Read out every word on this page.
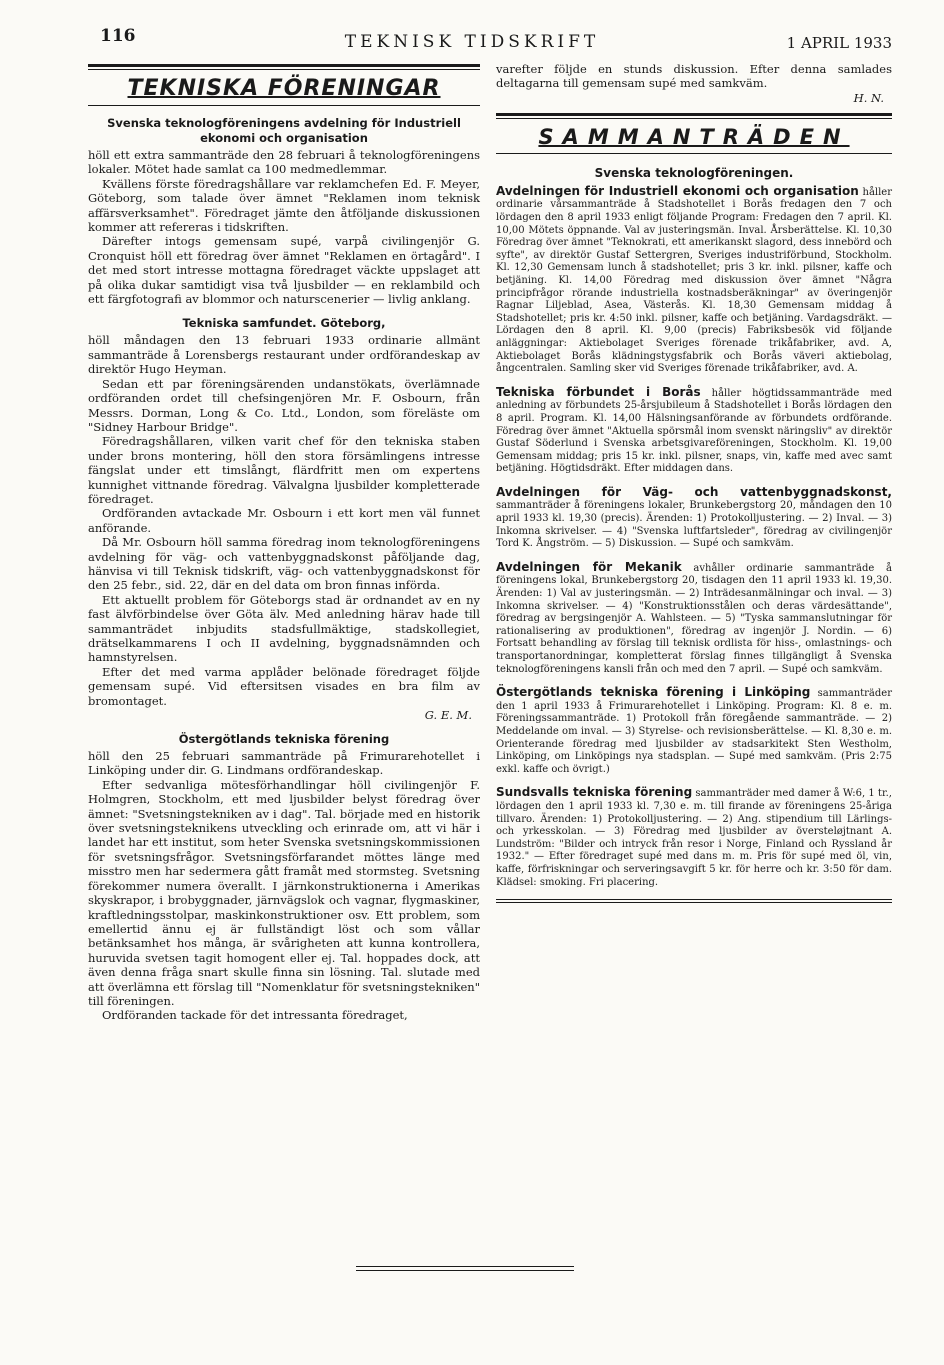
116	TEKNISK TIDSKRIFT	1 APRIL 1933
TEKNISKA FÖRENINGAR
Svenska teknologföreningens avdelning för Industriell ekonomi och organisation

höll ett extra sammanträde den 28 februari å teknologföreningens lokaler. Mötet hade samlat ca 100 medmedlemmar.

Kvällens förste föredragshållare var reklamchefen Ed. F. Meyer, Göteborg, som talade över ämnet "Reklamen inom teknisk affärsverksamhet". Föredraget jämte den åtföljande diskussionen kommer att refereras i tidskriften.

Därefter intogs gemensam supé, varpå civilingenjör G. Cronquist höll ett föredrag över ämnet "Reklamen en örtagård". I det med stort intresse mottagna föredraget väckte uppslaget att på olika dukar samtidigt visa två ljusbilder — en reklambild och ett färgfotografi av blommor och naturscenerier — livlig anklang.

Tekniska samfundet. Göteborg,

höll måndagen den 13 februari 1933 ordinarie allmänt sammanträde å Lorensbergs restaurant under ordförandeskap av direktör Hugo Heyman.

Sedan ett par föreningsärenden undanstökats, överlämnade ordföranden ordet till chefsingenjören Mr. F. Osbourn, från Messrs. Dorman, Long & Co. Ltd., London, som föreläste om "Sidney Harbour Bridge".

Föredragshållaren, vilken varit chef för den tekniska staben under brons montering, höll den stora försämlingens intresse fängslat under ett timslångt, flärdfritt men om expertens kunnighet vittnande föredrag. Välvalgna ljusbilder kompletterade föredraget.

Ordföranden avtackade Mr. Osbourn i ett kort men väl funnet anförande.

Då Mr. Osbourn höll samma föredrag inom teknologföreningens avdelning för väg- och vattenbyggnadskonst påföljande dag, hänvisa vi till Teknisk tidskrift, väg- och vattenbyggnadskonst för den 25 febr., sid. 22, där en del data om bron finnas införda.

Ett aktuellt problem för Göteborgs stad är ordnandet av en ny fast älvförbindelse över Göta älv. Med anledning härav hade till sammanträdet inbjudits stadsfullmäktige, stadskollegiet, drätselkammarens I och II avdelning, byggnadsnämnden och hamnstyrelsen.

Efter det med varma applåder belönade föredraget följde gemensam supé. Vid eftersitsen visades en bra film av bromontaget.

G. E. M.

Östergötlands tekniska förening

höll den 25 februari sammanträde på Frimurarehotellet i Linköping under dir. G. Lindmans ordförandeskap.

Efter sedvanliga mötesförhandlingar höll civilingenjör F. Holmgren, Stockholm, ett med ljusbilder belyst föredrag över ämnet: "Svetsningstekniken av i dag". Tal. började med en historik över svetsningsteknikens utveckling och erinrade om, att vi här i landet har ett institut, som heter Svenska svetsningskommissionen för svetsningsfrågor. Svetsningsförfarandet möttes länge med misstro men har sedermera gått framåt med stormsteg. Svetsning förekommer numera överallt. I järnkonstruktionerna i Amerikas skyskrapor, i brobyggnader, järnvägslok och vagnar, flygmaskiner, kraftledningsstolpar, maskinkonstruktioner osv. Ett problem, som emellertid ännu ej är fullständigt löst och som vållar betänksamhet hos många, är svårigheten att kunna kontrollera, huruvida svetsen tagit homogent eller ej. Tal. hoppades dock, att även denna fråga snart skulle finna sin lösning. Tal. slutade med att överlämna ett förslag till "Nomenklatur för svetsningstekniken" till föreningen.

Ordföranden tackade för det intressanta föredraget,

varefter följde en stunds diskussion. Efter denna samlades deltagarna till gemensam supé med samkväm.

H. N.

SAMMANTRÄDEN
Svenska teknologföreningen.

Avdelningen för Industriell ekonomi och organisation håller ordinarie vårsammanträde å Stadshotellet i Borås fredagen den 7 och lördagen den 8 april 1933 enligt följande Program: Fredagen den 7 april. Kl. 10,00 Mötets öppnande. Val av justeringsmän. Inval. Årsberättelse. Kl. 10,30 Föredrag över ämnet "Teknokrati, ett amerikanskt slagord, dess innebörd och syfte", av direktör Gustaf Settergren, Sveriges industriförbund, Stockholm. Kl. 12,30 Gemensam lunch å stadshotellet; pris 3 kr. inkl. pilsner, kaffe och betjäning. Kl. 14,00 Föredrag med diskussion över ämnet "Några principfrågor rörande industriella kostnadsberäkningar" av överingenjör Ragnar Liljeblad, Asea, Västerås. Kl. 18,30 Gemensam middag å Stadshotellet; pris kr. 4:50 inkl. pilsner, kaffe och betjäning. Vardagsdräkt. — Lördagen den 8 april. Kl. 9,00 (precis) Fabriksbesök vid följande anläggningar: Aktiebolaget Sveriges förenade trikåfabriker, avd. A, Aktiebolaget Borås klädningstygsfabrik och Borås väveri aktiebolag, ångcentralen. Samling sker vid Sveriges förenade trikåfabriker, avd. A.

Tekniska förbundet i Borås håller högtidssammanträde med anledning av förbundets 25-årsjubileum å Stadshotellet i Borås lördagen den 8 april. Program. Kl. 14,00 Hälsningsanförande av förbundets ordförande. Föredrag över ämnet "Aktuella spörsmål inom svenskt näringsliv" av direktör Gustaf Söderlund i Svenska arbetsgivareföreningen, Stockholm. Kl. 19,00 Gemensam middag; pris 15 kr. inkl. pilsner, snaps, vin, kaffe med avec samt betjäning. Högtidsdräkt. Efter middagen dans.

Avdelningen för Väg- och vattenbyggnadskonst, sammanträder å föreningens lokaler, Brunkebergstorg 20, måndagen den 10 april 1933 kl. 19,30 (precis). Ärenden: 1) Protokolljustering. — 2) Inval. — 3) Inkomna skrivelser. — 4) "Svenska luftfartsleder", föredrag av civilingenjör Tord K. Ångström. — 5) Diskussion. — Supé och samkväm.

Avdelningen för Mekanik avhåller ordinarie sammanträde å föreningens lokal, Brunkebergstorg 20, tisdagen den 11 april 1933 kl. 19,30. Ärenden: 1) Val av justeringsmän. — 2) Inträdesanmälningar och inval. — 3) Inkomna skrivelser. — 4) "Konstruktionsstålen och deras värdesättande", föredrag av bergsingenjör A. Wahlsteen. — 5) "Tyska sammanslutningar för rationalisering av produktionen", föredrag av ingenjör J. Nordin. — 6) Fortsatt behandling av förslag till teknisk ordlista för hiss-, omlastnings- och transportanordningar, kompletterat förslag finnes tillgängligt å Svenska teknologföreningens kansli från och med den 7 april. — Supé och samkväm.

Östergötlands tekniska förening i Linköping sammanträder den 1 april 1933 å Frimurarehotellet i Linköping. Program: Kl. 8 e. m. Föreningssammanträde. 1) Protokoll från föregående sammanträde. — 2) Meddelande om inval. — 3) Styrelse- och revisionsberättelse. — Kl. 8,30 e. m. Orienterande föredrag med ljusbilder av stadsarkitekt Sten Westholm, Linköping, om Linköpings nya stadsplan. — Supé med samkväm. (Pris 2:75 exkl. kaffe och övrigt.)

Sundsvalls tekniska förening sammanträder med damer å W:6, 1 tr., lördagen den 1 april 1933 kl. 7,30 e. m. till firande av föreningens 25-åriga tillvaro. Ärenden: 1) Protokolljustering. — 2) Ang. stipendium till Lärlings- och yrkesskolan. — 3) Föredrag med ljusbilder av översteløjtnant A. Lundström: "Bilder och intryck från resor i Norge, Finland och Ryssland år 1932." — Efter föredraget supé med dans m. m. Pris för supé med öl, vin, kaffe, förfriskningar och serveringsavgift 5 kr. för herre och kr. 3:50 för dam. Klädsel: smoking. Fri placering.
